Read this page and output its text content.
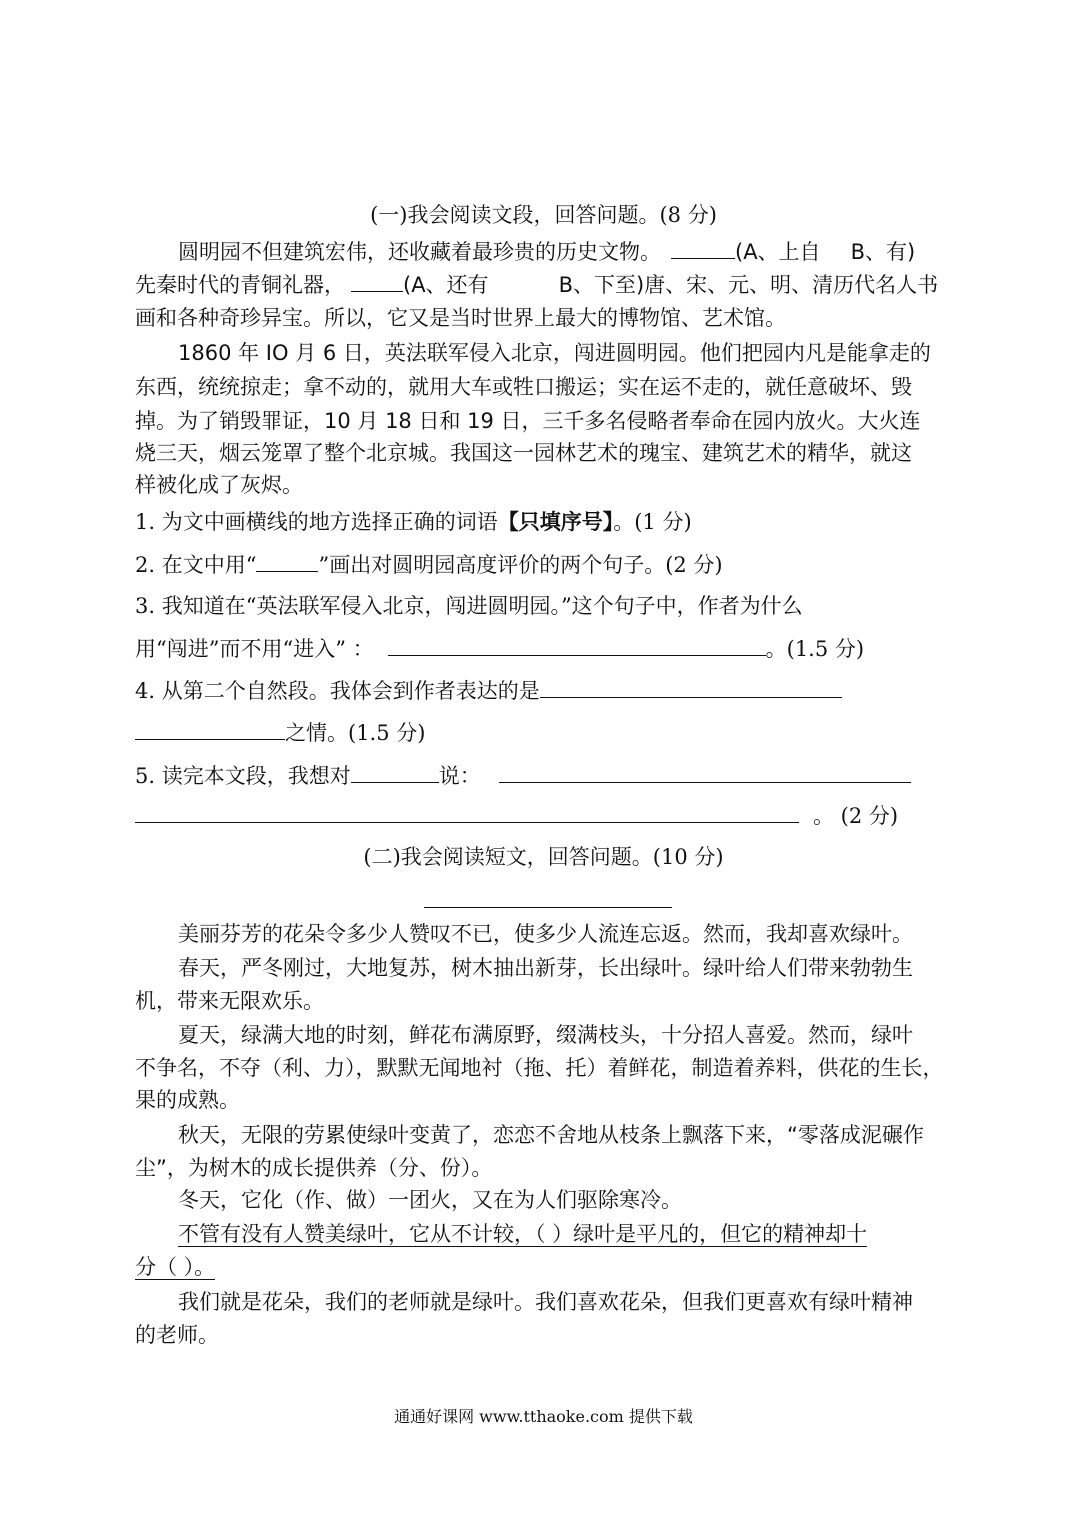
(一)我会阅读文段，回答问题。(8 分)
圆明园不但建筑宏伟，还收藏着最珍贵的历史文物。	(A、上自 B、有)
先秦时代的青铜礼器，	(A、还有	B、下至)唐、宋、元、明、清历代名人书
画和各种奇珍异宝。所以，它又是当时世界上最大的博物馆、艺术馆。
1860 年 IO 月 6 日，英法联军侵入北京，闯进圆明园。他们把园内凡是能拿走的
东西，统统掠走；拿不动的，就用大车或牲口搬运；实在运不走的，就任意破坏、毁
掉。为了销毁罪证，10 月 18 日和 19 日，三千多名侵略者奉命在园内放火。大火连
烧三天，烟云笼罩了整个北京城。我国这一园林艺术的瑰宝、建筑艺术的精华，就这
样被化成了灰烬。
1. 为文中画横线的地方选择正确的词语【只填序号】。(1 分)
2. 在文中用“	”画出对圆明园高度评价的两个句子。(2 分)
3. 我知道在“英法联军侵入北京，闯进圆明园。”这个句子中，作者为什么
用“闯进”而不用“进入” ：	。(1.5 分)
4. 从第二个自然段。我体会到作者表达的是
之情。(1.5 分)
5. 读完本文段，我想对	说：
。 (2 分)
(二)我会阅读短文，回答问题。(10 分)
美丽芬芳的花朵令多少人赞叹不已，使多少人流连忘返。然而，我却喜欢绿叶。
春天，严冬刚过，大地复苏，树木抽出新芽，长出绿叶。绿叶给人们带来勃勃生
机，带来无限欢乐。
夏天，绿满大地的时刻，鲜花布满原野，缀满枝头，十分招人喜爱。然而，绿叶
不争名，不夺（利、力），默默无闻地衬（拖、托）着鲜花，制造着养料，供花的生长，
果的成熟。
秋天，无限的劳累使绿叶变黄了，恋恋不舍地从枝条上飘落下来，“零落成泥碾作
尘”，为树木的成长提供养（分、份）。
冬天，它化（作、做）一团火，又在为人们驱除寒冷。
不管有没有人赞美绿叶，它从不计较，（ ）绿叶是平凡的，但它的精神却十
分（ ）。
我们就是花朵，我们的老师就是绿叶。我们喜欢花朵，但我们更喜欢有绿叶精神
的老师。
通通好课网 www.tthaoke.com 提供下载
